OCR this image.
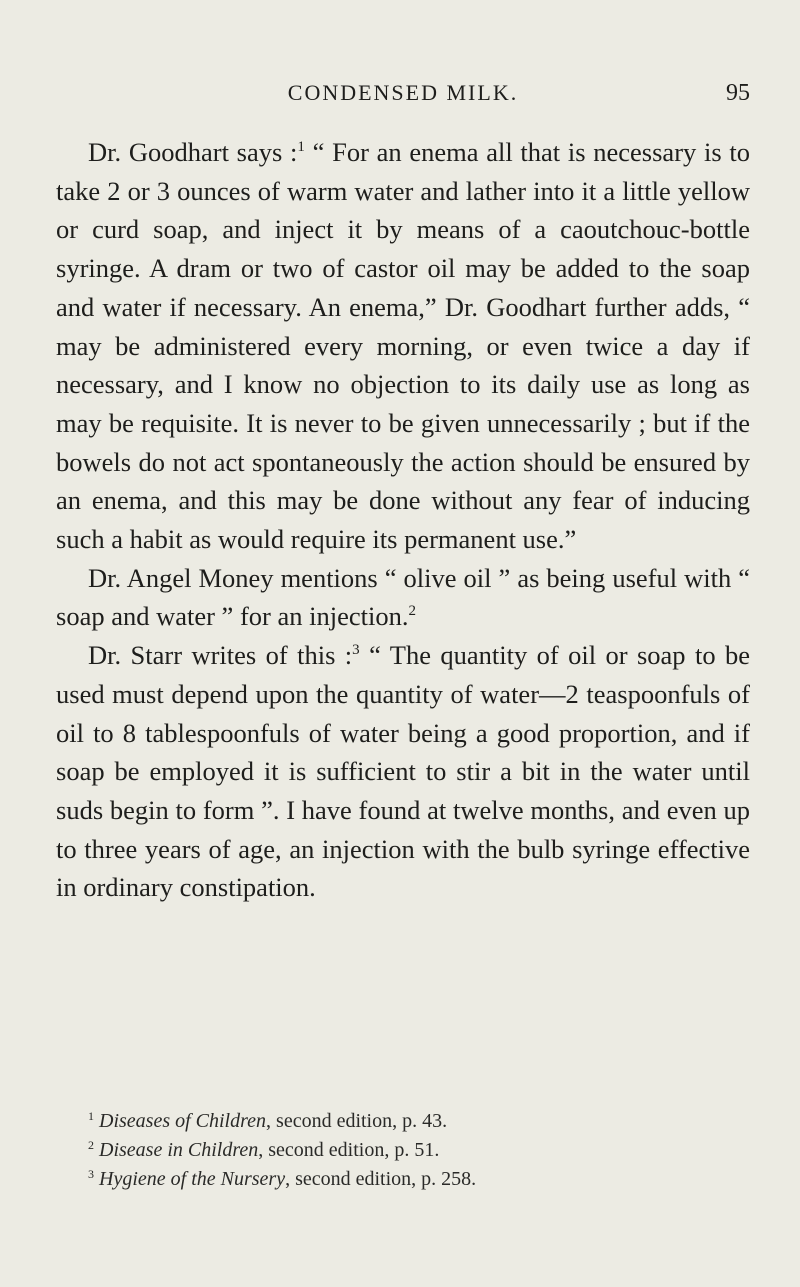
CONDENSED MILK.	95

Dr. Goodhart says :$^1$ “ For an enema all that is necessary is to take 2 or 3 ounces of warm water and lather into it a little yellow or curd soap, and inject it by means of a caoutchouc-bottle syringe. A dram or two of castor oil may be added to the soap and water if necessary. An enema,” Dr. Goodhart further adds, “ may be administered every morning, or even twice a day if necessary, and I know no objection to its daily use as long as may be requisite. It is never to be given unnecessarily ; but if the bowels do not act spontaneously the action should be ensured by an enema, and this may be done without any fear of inducing such a habit as would require its permanent use.”

Dr. Angel Money mentions “ olive oil ” as being useful with “ soap and water ” for an injection.$^2$

Dr. Starr writes of this :$^3$ “ The quantity of oil or soap to be used must depend upon the quantity of water—2 teaspoonfuls of oil to 8 tablespoonfuls of water being a good proportion, and if soap be employed it is sufficient to stir a bit in the water until suds begin to form ”. I have found at twelve months, and even up to three years of age, an injection with the bulb syringe effective in ordinary constipation.

$^1$ Diseases of Children, second edition, p. 43.

$^2$ Disease in Children, second edition, p. 51.

$^3$ Hygiene of the Nursery, second edition, p. 258.
